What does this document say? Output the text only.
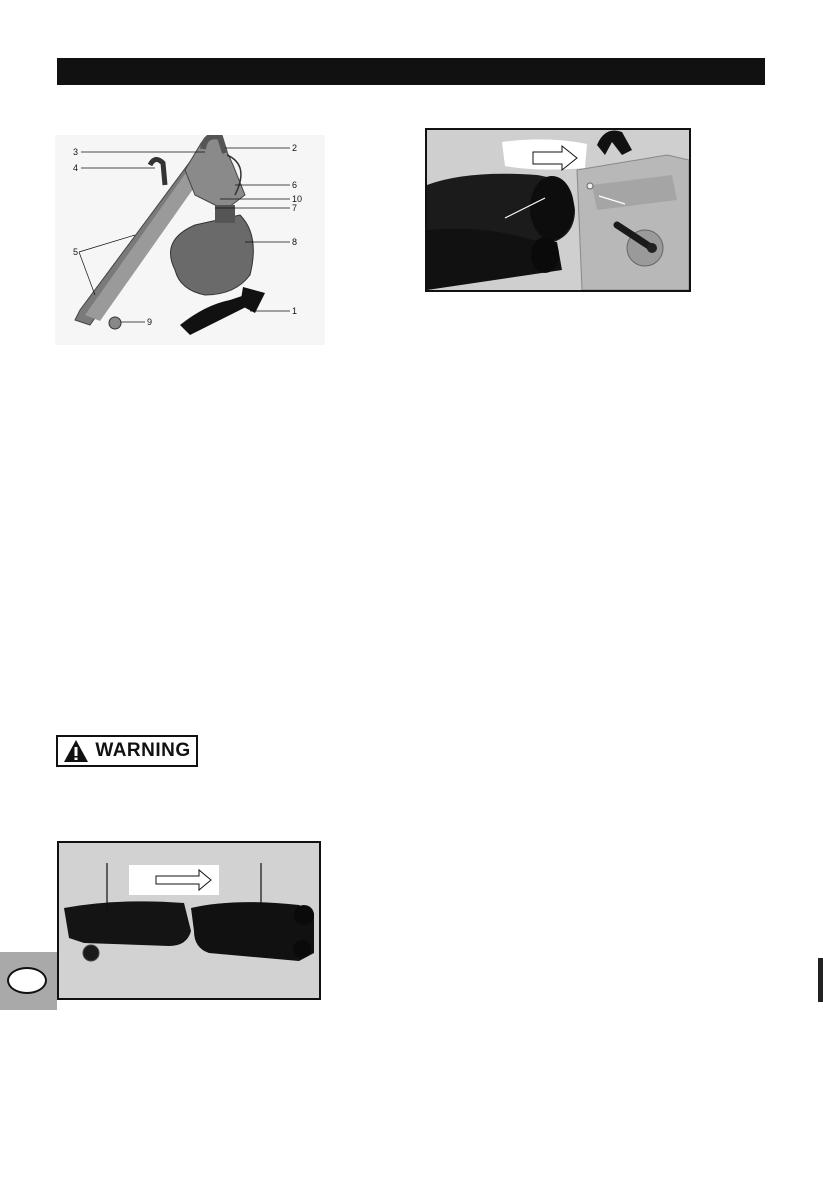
3
4
2
6
10
7
8
5
9
1
WARNING
